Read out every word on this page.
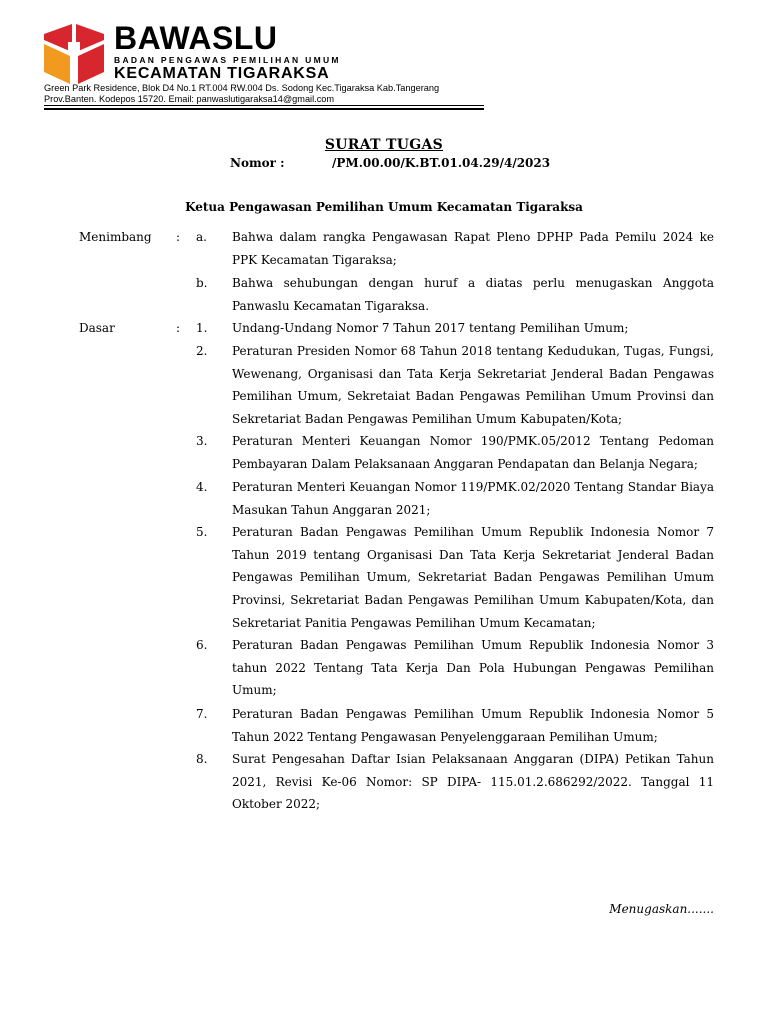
BAWASLU
BADAN PENGAWAS PEMILIHAN UMUM
KECAMATAN TIGARAKSA
Green Park Residence, Blok D4 No.1 RT.004 RW.004 Ds. Sodong Kec.Tigaraksa Kab.Tangerang
Prov.Banten. Kodepos 15720. Email: panwaslutigaraksa14@gmail.com
SURAT TUGAS
Nomor :	/PM.00.00/K.BT.01.04.29/4/2023
Ketua Pengawasan Pemilihan Umum Kecamatan Tigaraksa
Menimbang : a. Bahwa dalam rangka Pengawasan Rapat Pleno DPHP Pada Pemilu 2024 ke PPK Kecamatan Tigaraksa;
b. Bahwa sehubungan dengan huruf a diatas perlu menugaskan Anggota Panwaslu Kecamatan Tigaraksa.
Dasar	: 1. Undang-Undang Nomor 7 Tahun 2017 tentang Pemilihan Umum;
2. Peraturan Presiden Nomor 68 Tahun 2018 tentang Kedudukan, Tugas, Fungsi, Wewenang, Organisasi dan Tata Kerja Sekretariat Jenderal Badan Pengawas Pemilihan Umum, Sekretaiat Badan Pengawas Pemilihan Umum Provinsi dan Sekretariat Badan Pengawas Pemilihan Umum Kabupaten/Kota;
3. Peraturan Menteri Keuangan Nomor 190/PMK.05/2012 Tentang Pedoman Pembayaran Dalam Pelaksanaan Anggaran Pendapatan dan Belanja Negara;
4. Peraturan Menteri Keuangan Nomor 119/PMK.02/2020 Tentang Standar Biaya Masukan Tahun Anggaran 2021;
5. Peraturan Badan Pengawas Pemilihan Umum Republik Indonesia Nomor 7 Tahun 2019 tentang Organisasi Dan Tata Kerja Sekretariat Jenderal Badan Pengawas Pemilihan Umum, Sekretariat Badan Pengawas Pemilihan Umum Provinsi, Sekretariat Badan Pengawas Pemilihan Umum Kabupaten/Kota, dan Sekretariat Panitia Pengawas Pemilihan Umum Kecamatan;
6. Peraturan Badan Pengawas Pemilihan Umum Republik Indonesia Nomor 3 tahun 2022 Tentang Tata Kerja Dan Pola Hubungan Pengawas Pemilihan Umum;
7. Peraturan Badan Pengawas Pemilihan Umum Republik Indonesia Nomor 5 Tahun 2022 Tentang Pengawasan Penyelenggaraan Pemilihan Umum;
8. Surat Pengesahan Daftar Isian Pelaksanaan Anggaran (DIPA) Petikan Tahun 2021, Revisi Ke-06 Nomor: SP DIPA- 115.01.2.686292/2022. Tanggal 11 Oktober 2022;
Menugaskan.......
